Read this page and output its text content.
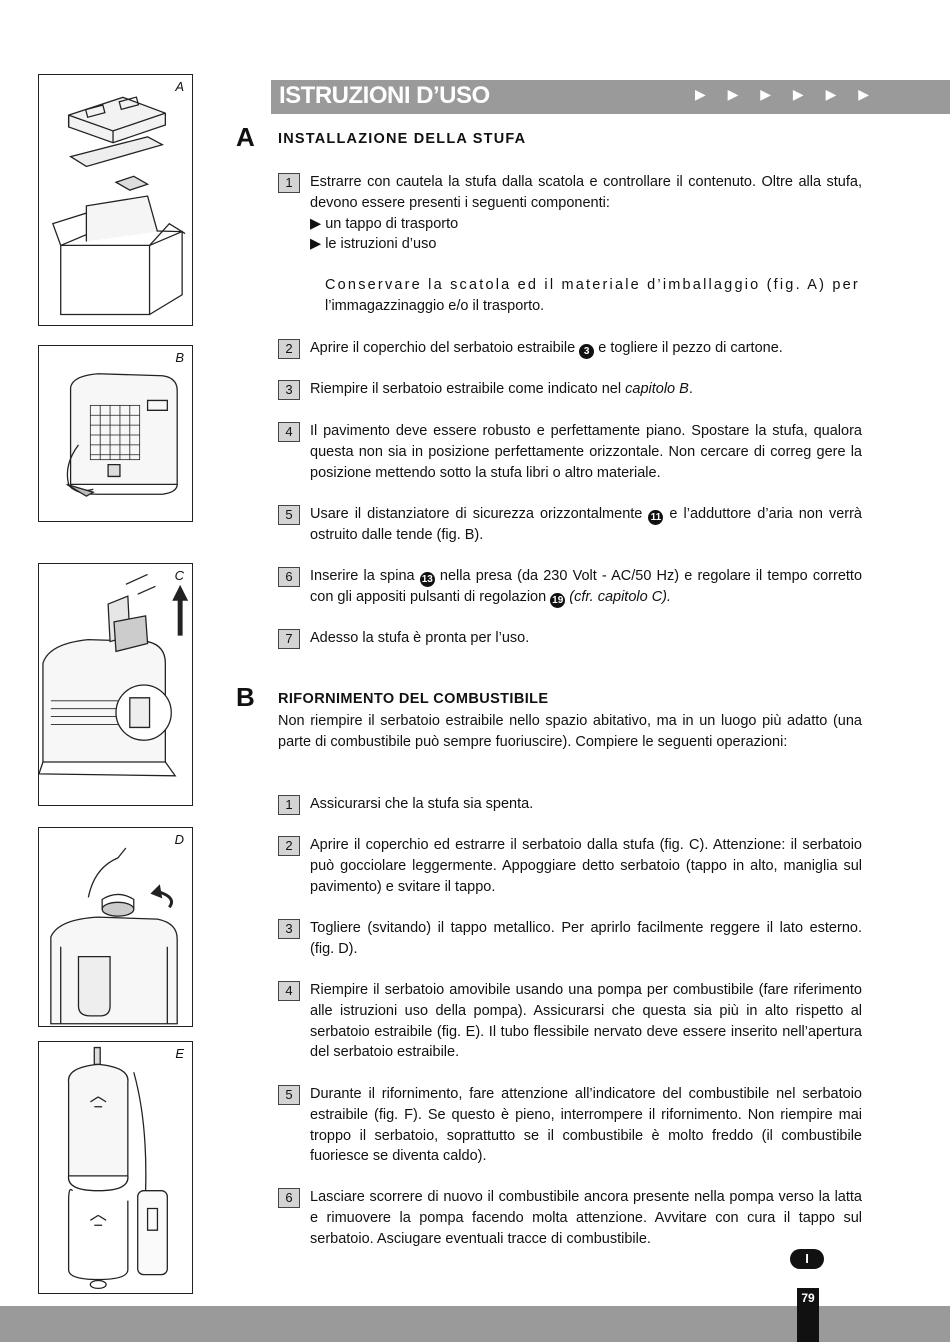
A
B
C
D
E
ISTRUZIONI D’USO	▶ ▶ ▶ ▶ ▶ ▶
A INSTALLAZIONE DELLA STUFA
1	Estrarre con cautela la stufa dalla scatola e controllare il contenuto. Oltre alla stufa, devono essere presenti i seguenti componenti:

▶ un tappo di trasporto
▶ le istruzioni d’uso
Conservare la scatola ed il materiale d’imballaggio (fig. A) per
l’immagazzinaggio e/o il trasporto.
2	Aprire il coperchio del serbatoio estraibile 3 e togliere il pezzo di cartone.
3	Riempire il serbatoio estraibile come indicato nel capitolo B.
4	Il pavimento deve essere robusto e perfettamente piano. Spostare la stufa, qualora questa non sia in posizione perfettamente orizzontale. Non cercare di correg gere la posizione mettendo sotto la stufa libri o altro materiale.
5	Usare il distanziatore di sicurezza orizzontalmente 11 e l’adduttore d’aria non verrà ostruito dalle tende (fig. B).
6	Inserire la spina 13 nella presa (da 230 Volt - AC/50 Hz) e regolare il tempo corretto con gli appositi pulsanti di regolazion 19 (cfr. capitolo C).
7	Adesso la stufa è pronta per l’uso.
B RIFORNIMENTO DEL COMBUSTIBILE
Non riempire il serbatoio estraibile nello spazio abitativo, ma in un luogo più adatto (una parte di combustibile può sempre fuoriuscire). Compiere le seguenti operazioni:
1	Assicurarsi che la stufa sia spenta.
2	Aprire il coperchio ed estrarre il serbatoio dalla stufa (fig. C). Attenzione: il serbatoio può gocciolare leggermente. Appoggiare detto serbatoio (tappo in alto, maniglia sul pavimento) e svitare il tappo.
3	Togliere (svitando) il tappo metallico. Per aprirlo facilmente reggere il lato esterno. (fig. D).
4	Riempire il serbatoio amovibile usando una pompa per combustibile (fare riferimento alle istruzioni uso della pompa). Assicurarsi che questa sia più in alto rispetto al serbatoio estraibile (fig. E). Il tubo flessibile nervato deve essere inserito nell’apertura del serbatoio estraibile.
5	Durante il rifornimento, fare attenzione all’indicatore del combustibile nel serbatoio estraibile (fig. F). Se questo è pieno, interrompere il rifornimento. Non riempire mai troppo il serbatoio, soprattutto se il combustibile è molto freddo (il combustibile fuoriesce se diventa caldo).
6	Lasciare scorrere di nuovo il combustibile ancora presente nella pompa verso la latta e rimuovere la pompa facendo molta attenzione. Avvitare con cura il tappo sul serbatoio. Asciugare eventuali tracce di combustibile.
I
79
